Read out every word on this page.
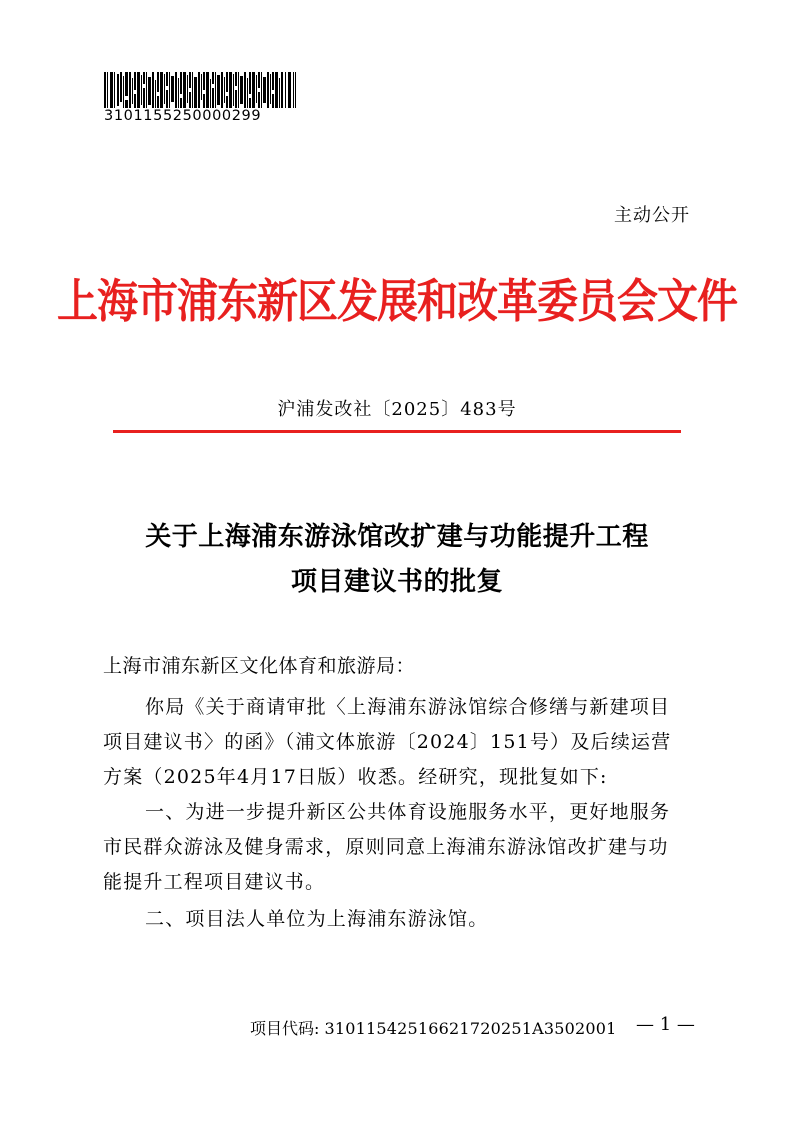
3101155250000299
主动公开
上海市浦东新区发展和改革委员会文件
沪浦发改社〔2025〕483号
关于上海浦东游泳馆改扩建与功能提升工程
项目建议书的批复
上海市浦东新区文化体育和旅游局：
你局《关于商请审批〈上海浦东游泳馆综合修缮与新建项目
项目建议书〉的函》（浦文体旅游〔2024〕151号）及后续运营
方案（2025年4月17日版）收悉。经研究，现批复如下:
一、为进一步提升新区公共体育设施服务水平，更好地服务
市民群众游泳及健身需求，原则同意上海浦东游泳馆改扩建与功
能提升工程项目建议书。
二、项目法人单位为上海浦东游泳馆。
项目代码: 31011542516621720251A3502001 — 1 —
